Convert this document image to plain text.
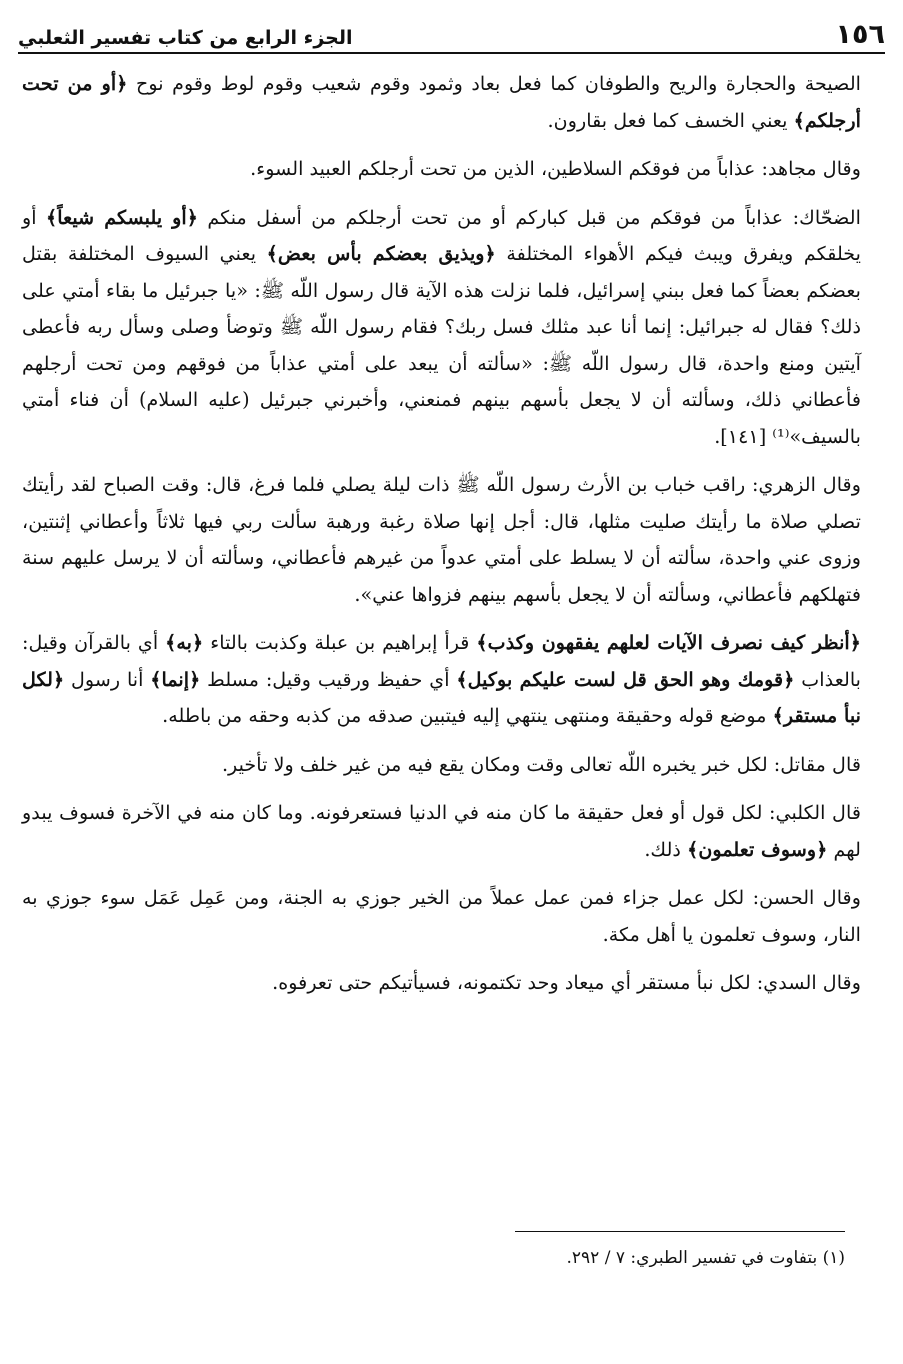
١٥٦
الجزء الرابع من كتاب تفسير الثعلبي

الصيحة والحجارة والريح والطوفان كما فعل بعاد وثمود وقوم شعيب وقوم لوط وقوم نوح ﴿أو من تحت أرجلكم﴾ يعني الخسف كما فعل بقارون.

وقال مجاهد: عذاباً من فوقكم السلاطين، الذين من تحت أرجلكم العبيد السوء.

الضحّاك: عذاباً من فوقكم من قبل كباركم أو من تحت أرجلكم من أسفل منكم ﴿أو يلبسكم شيعاً﴾ أو يخلقكم ويفرق ويبث فيكم الأهواء المختلفة ﴿ويذيق بعضكم بأس بعض﴾ يعني السيوف المختلفة بقتل بعضكم بعضاً كما فعل ببني إسرائيل، فلما نزلت هذه الآية قال رسول اللّه ﷺ: «يا جبرئيل ما بقاء أمتي على ذلك؟ فقال له جبرائيل: إنما أنا عبد مثلك فسل ربك؟ فقام رسول اللّه ﷺ وتوضأ وصلى وسأل ربه فأعطى آيتين ومنع واحدة، قال رسول اللّه ﷺ: «سألته أن يبعد على أمتي عذاباً من فوقهم ومن تحت أرجلهم فأعطاني ذلك، وسألته أن لا يجعل بأسهم بينهم فمنعني، وأخبرني جبرئيل (عليه السلام) أن فناء أمتي بالسيف»⁽¹⁾ [١٤١].

وقال الزهري: راقب خباب بن الأرث رسول اللّه ﷺ ذات ليلة يصلي فلما فرغ، قال: وقت الصباح لقد رأيتك تصلي صلاة ما رأيتك صليت مثلها، قال: أجل إنها صلاة رغبة ورهبة سألت ربي فيها ثلاثاً وأعطاني إثنتين، وزوى عني واحدة، سألته أن لا يسلط على أمتي عدواً من غيرهم فأعطاني، وسألته أن لا يرسل عليهم سنة فتهلكهم فأعطاني، وسألته أن لا يجعل بأسهم بينهم فزواها عني».

﴿أنظر كيف نصرف الآيات لعلهم يفقهون وكذب﴾ قرأ إبراهيم بن عبلة وكذبت بالتاء ﴿به﴾ أي بالقرآن وقيل: بالعذاب ﴿قومك وهو الحق قل لست عليكم بوكيل﴾ أي حفيظ ورقيب وقيل: مسلط ﴿إنما﴾ أنا رسول ﴿لكل نبأ مستقر﴾ موضع قوله وحقيقة ومنتهى ينتهي إليه فيتبين صدقه من كذبه وحقه من باطله.

قال مقاتل: لكل خبر يخبره اللّه تعالى وقت ومكان يقع فيه من غير خلف ولا تأخير.

قال الكلبي: لكل قول أو فعل حقيقة ما كان منه في الدنيا فستعرفونه. وما كان منه في الآخرة فسوف يبدو لهم ﴿وسوف تعلمون﴾ ذلك.

وقال الحسن: لكل عمل جزاء فمن عمل عملاً من الخير جوزي به الجنة، ومن عَمِل عَمَل سوء جوزي به النار، وسوف تعلمون يا أهل مكة.

وقال السدي: لكل نبأ مستقر أي ميعاد وحد تكتمونه، فسيأتيكم حتى تعرفوه.

(١) بتفاوت في تفسير الطبري: ٧ / ٢٩٢.
